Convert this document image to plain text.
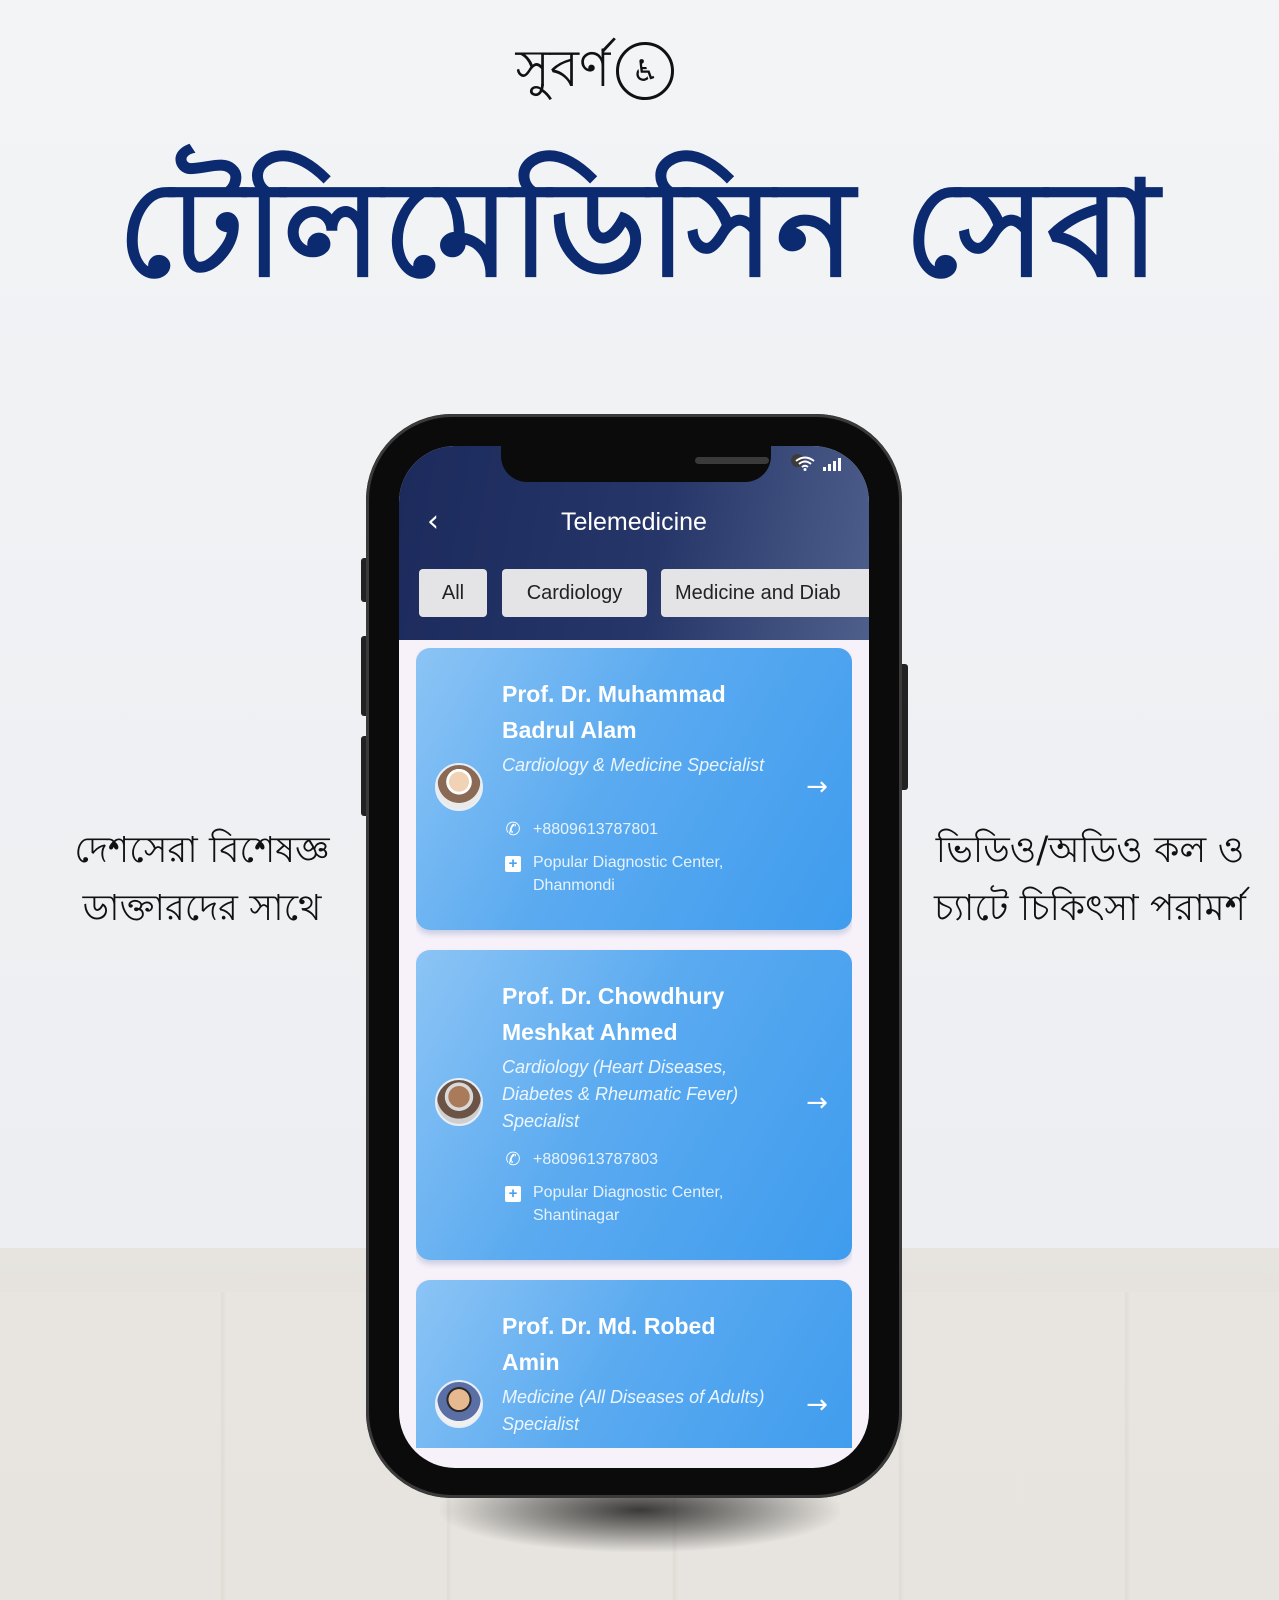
সুবর্ণ ♿
টেলিমেডিসিন সেবা
দেশসেরা বিশেষজ্ঞ
ডাক্তারদের সাথে
ভিডিও/অডিও কল ও
চ্যাটে চিকিৎসা পরামর্শ
‹	Telemedicine
All	Cardiology	Medicine and Diab
Prof. Dr. Muhammad Badrul Alam
Cardiology & Medicine Specialist
✆ +8809613787801
+ Popular Diagnostic Center, Dhanmondi
→
Prof. Dr. Chowdhury Meshkat Ahmed
Cardiology (Heart Diseases, Diabetes & Rheumatic Fever) Specialist
✆ +8809613787803
+ Popular Diagnostic Center, Shantinagar
→
Prof. Dr. Md. Robed Amin
Medicine (All Diseases of Adults) Specialist
→
